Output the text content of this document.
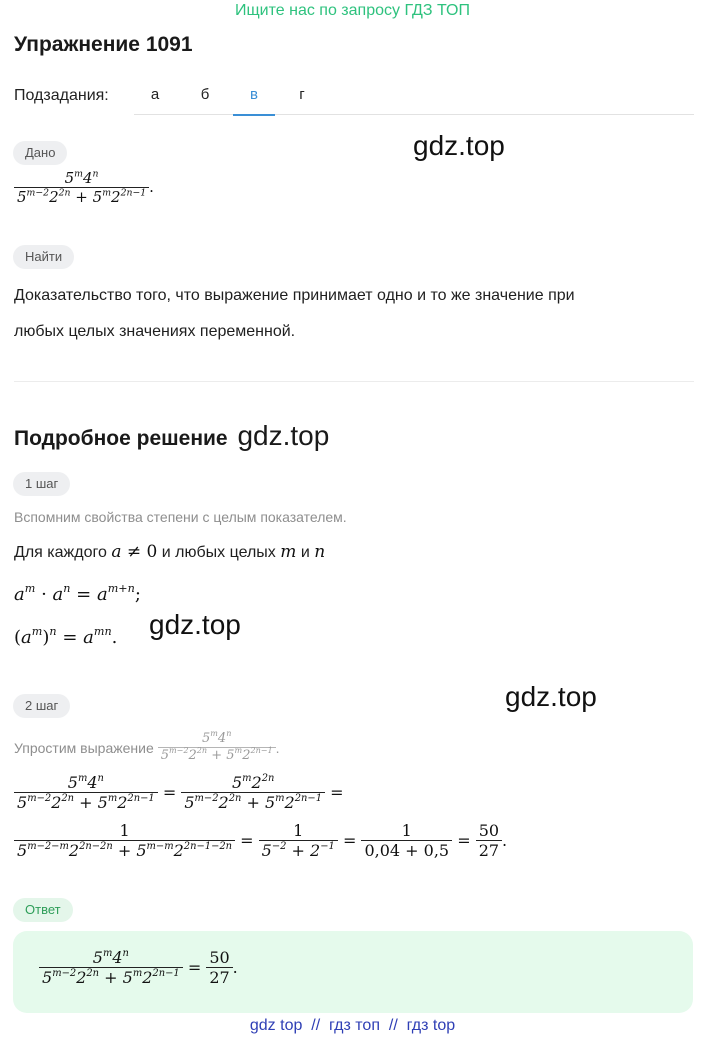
Ищите нас по запросу ГДЗ ТОП
Упражнение 1091
Подзадания:	а	б	в	г
Дано	gdz.top
$\frac{5^m4^n}{5^{m-2}2^{2n} + 5^m2^{2n-1}}$ .
Найти
Доказательство того, что выражение принимает одно и то же значение при
любых целых значениях переменной.
Подробное решение gdz.top
1 шаг
Вспомним свойства степени с целым показателем.
Для каждого a ≠ 0 и любых целых m и n
$a^m \cdot a^n = a^{m+n}$;
$(a^m)^n = a^{mn}$. gdz.top
2 шаг	gdz.top
Упростим выражение $\frac{5^m4^n}{5^{m-2}2^{2n} + 5^m2^{2n-1}}$ .
$\frac{5^m4^n}{5^{m-2}2^{2n} + 5^m2^{2n-1}} = \frac{5^m2^{2n}}{5^{m-2}2^{2n} + 5^m2^{2n-1}}$ =
$\frac{1}{5^{m-2-m}2^{2n-2n} + 5^{m-m}2^{2n-1-2n}} = \frac{1}{5^{-2} + 2^{-1}} = \frac{1}{0,04 + 0,5} = \frac{50}{27}$ .
Ответ
$\frac{5^m4^n}{5^{m-2}2^{2n} + 5^m2^{2n-1}} = \frac{50}{27}$ .
gdz top  //  гдз топ  //  гдз top
